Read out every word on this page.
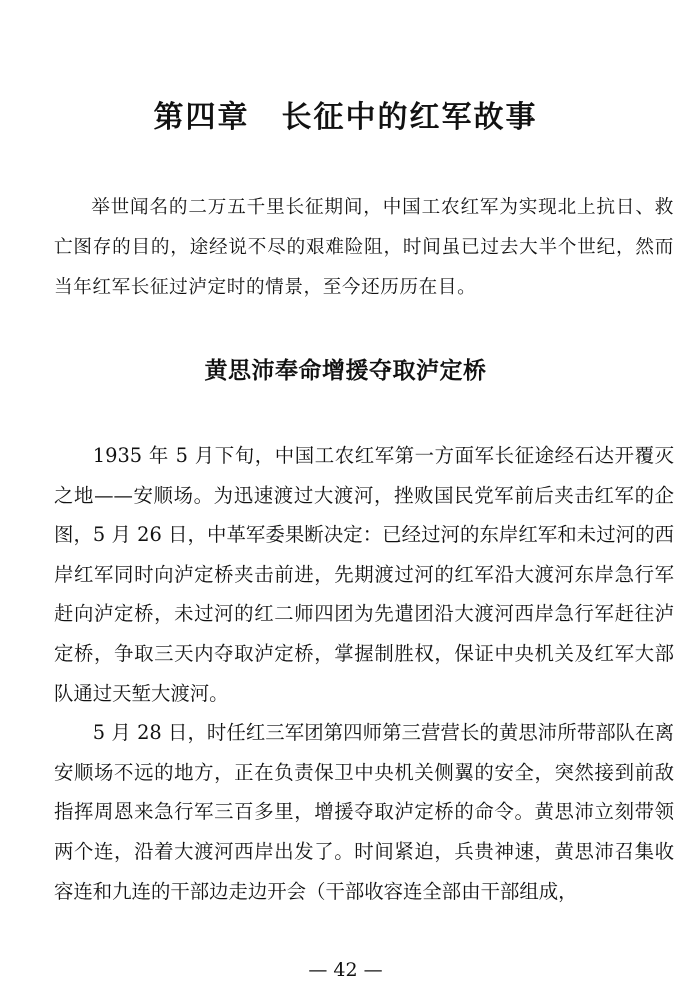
第四章　长征中的红军故事

举世闻名的二万五千里长征期间，中国工农红军为实现北上抗日、救亡图存的目的，途经说不尽的艰难险阻，时间虽已过去大半个世纪，然而当年红军长征过泸定时的情景，至今还历历在目。

黄思沛奉命增援夺取泸定桥

1935 年 5 月下旬，中国工农红军第一方面军长征途经石达开覆灭之地——安顺场。为迅速渡过大渡河，挫败国民党军前后夹击红军的企图，5 月 26 日，中革军委果断决定：已经过河的东岸红军和未过河的西岸红军同时向泸定桥夹击前进，先期渡过河的红军沿大渡河东岸急行军赶向泸定桥，未过河的红二师四团为先遣团沿大渡河西岸急行军赶往泸定桥，争取三天内夺取泸定桥，掌握制胜权，保证中央机关及红军大部队通过天堑大渡河。

5 月 28 日，时任红三军团第四师第三营营长的黄思沛所带部队在离安顺场不远的地方，正在负责保卫中央机关侧翼的安全，突然接到前敌指挥周恩来急行军三百多里，增援夺取泸定桥的命令。黄思沛立刻带领两个连，沿着大渡河西岸出发了。时间紧迫，兵贵神速，黄思沛召集收容连和九连的干部边走边开会（干部收容连全部由干部组成，

— 42 —
